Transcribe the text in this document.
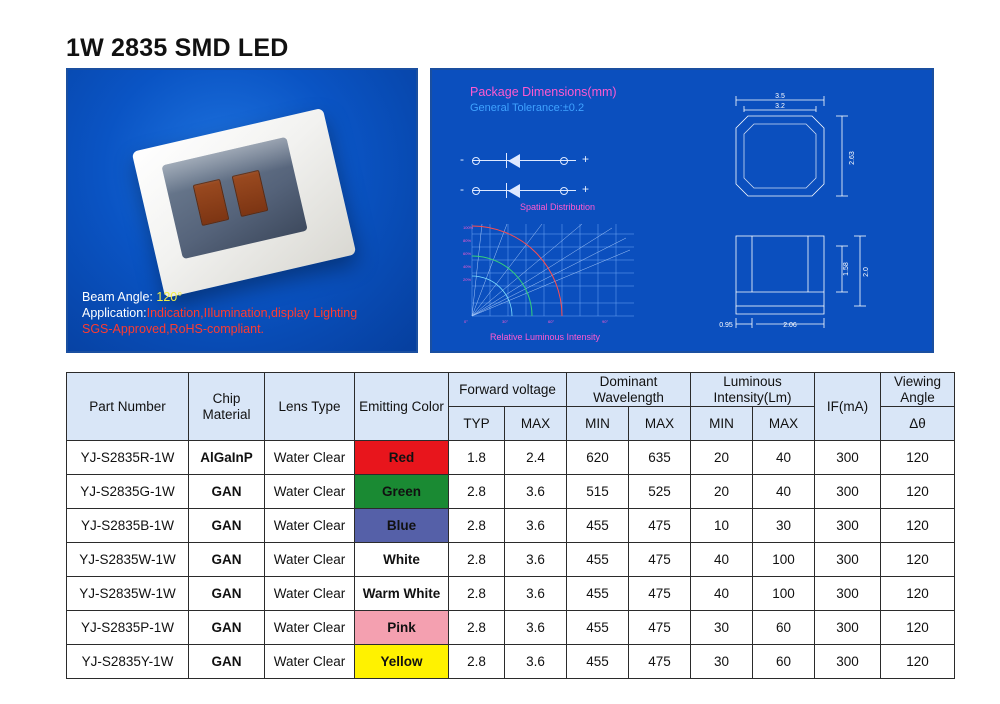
1W 2835 SMD LED
Beam Angle: 120°
Application:Indication,IIlumination,display Lighting
SGS-Approved,RoHS-compliant.
Package Dimensions(mm)
General Tolerance:±0.2
-	+
-	+
Spatial Distribution
100%
80%
60%
40%
20%
0°	30°	60°	90°
Relative Luminous Intensity
3.5
3.2
2.63
1.58 2.0
0.95	2.06
Part Number	Chip Material	Lens Type	Emitting Color	Forward voltage		Dominant Wavelength		Luminous Intensity(Lm)		IF(mA)	Viewing Angle
				TYP	MAX	MIN	MAX	MIN	MAX		Δθ
YJ-S2835R-1W	AlGaInP	Water Clear	Red	1.8	2.4	620	635	20	40	300	120
YJ-S2835G-1W	GAN	Water Clear	Green	2.8	3.6	515	525	20	40	300	120
YJ-S2835B-1W	GAN	Water Clear	Blue	2.8	3.6	455	475	10	30	300	120
YJ-S2835W-1W	GAN	Water Clear	White	2.8	3.6	455	475	40	100	300	120
YJ-S2835W-1W	GAN	Water Clear	Warm White	2.8	3.6	455	475	40	100	300	120
YJ-S2835P-1W	GAN	Water Clear	Pink	2.8	3.6	455	475	30	60	300	120
YJ-S2835Y-1W	GAN	Water Clear	Yellow	2.8	3.6	455	475	30	60	300	120
